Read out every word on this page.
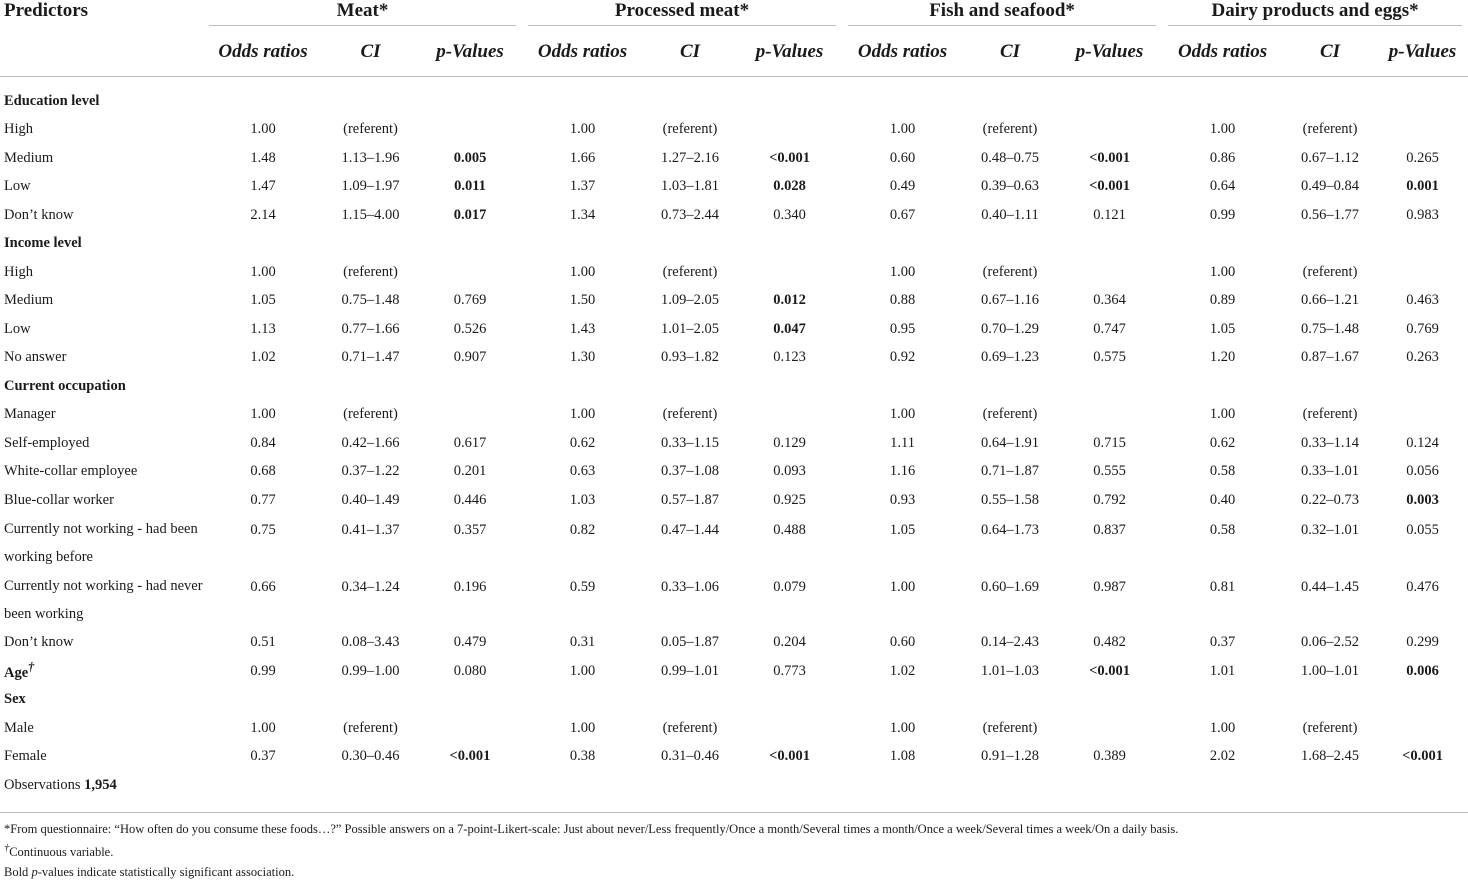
Predictors	Meat*			Processed meat*			Fish and seafood*			Dairy products and eggs*		

	Odds ratios	CI	p-Values	Odds ratios	CI	p-Values	Odds ratios	CI	p-Values	Odds ratios	CI	p-Values

Education level												
High	1.00	(referent)		1.00	(referent)		1.00	(referent)		1.00	(referent)	
Medium	1.48	1.13–1.96	0.005	1.66	1.27–2.16	<0.001	0.60	0.48–0.75	<0.001	0.86	0.67–1.12	0.265
Low	1.47	1.09–1.97	0.011	1.37	1.03–1.81	0.028	0.49	0.39–0.63	<0.001	0.64	0.49–0.84	0.001
Don’t know	2.14	1.15–4.00	0.017	1.34	0.73–2.44	0.340	0.67	0.40–1.11	0.121	0.99	0.56–1.77	0.983
Income level												
High	1.00	(referent)		1.00	(referent)		1.00	(referent)		1.00	(referent)	
Medium	1.05	0.75–1.48	0.769	1.50	1.09–2.05	0.012	0.88	0.67–1.16	0.364	0.89	0.66–1.21	0.463
Low	1.13	0.77–1.66	0.526	1.43	1.01–2.05	0.047	0.95	0.70–1.29	0.747	1.05	0.75–1.48	0.769
No answer	1.02	0.71–1.47	0.907	1.30	0.93–1.82	0.123	0.92	0.69–1.23	0.575	1.20	0.87–1.67	0.263
Current occupation												
Manager	1.00	(referent)		1.00	(referent)		1.00	(referent)		1.00	(referent)	
Self-employed	0.84	0.42–1.66	0.617	0.62	0.33–1.15	0.129	1.11	0.64–1.91	0.715	0.62	0.33–1.14	0.124
White-collar employee	0.68	0.37–1.22	0.201	0.63	0.37–1.08	0.093	1.16	0.71–1.87	0.555	0.58	0.33–1.01	0.056
Blue-collar worker	0.77	0.40–1.49	0.446	1.03	0.57–1.87	0.925	0.93	0.55–1.58	0.792	0.40	0.22–0.73	0.003
Currently not working - had been working before	0.75	0.41–1.37	0.357	0.82	0.47–1.44	0.488	1.05	0.64–1.73	0.837	0.58	0.32–1.01	0.055
Currently not working - had never been working	0.66	0.34–1.24	0.196	0.59	0.33–1.06	0.079	1.00	0.60–1.69	0.987	0.81	0.44–1.45	0.476
Don’t know	0.51	0.08–3.43	0.479	0.31	0.05–1.87	0.204	0.60	0.14–2.43	0.482	0.37	0.06–2.52	0.299
Age†	0.99	0.99–1.00	0.080	1.00	0.99–1.01	0.773	1.02	1.01–1.03	<0.001	1.01	1.00–1.01	0.006
Sex												
Male	1.00	(referent)		1.00	(referent)		1.00	(referent)		1.00	(referent)	
Female	0.37	0.30–0.46	<0.001	0.38	0.31–0.46	<0.001	1.08	0.91–1.28	0.389	2.02	1.68–2.45	<0.001
Observations 1,954												
*From questionnaire: “How often do you consume these foods…?” Possible answers on a 7-point-Likert-scale: Just about never/Less frequently/Once a month/Several times a month/Once a week/Several times a week/On a daily basis.
†Continuous variable.
Bold p-values indicate statistically significant association.
